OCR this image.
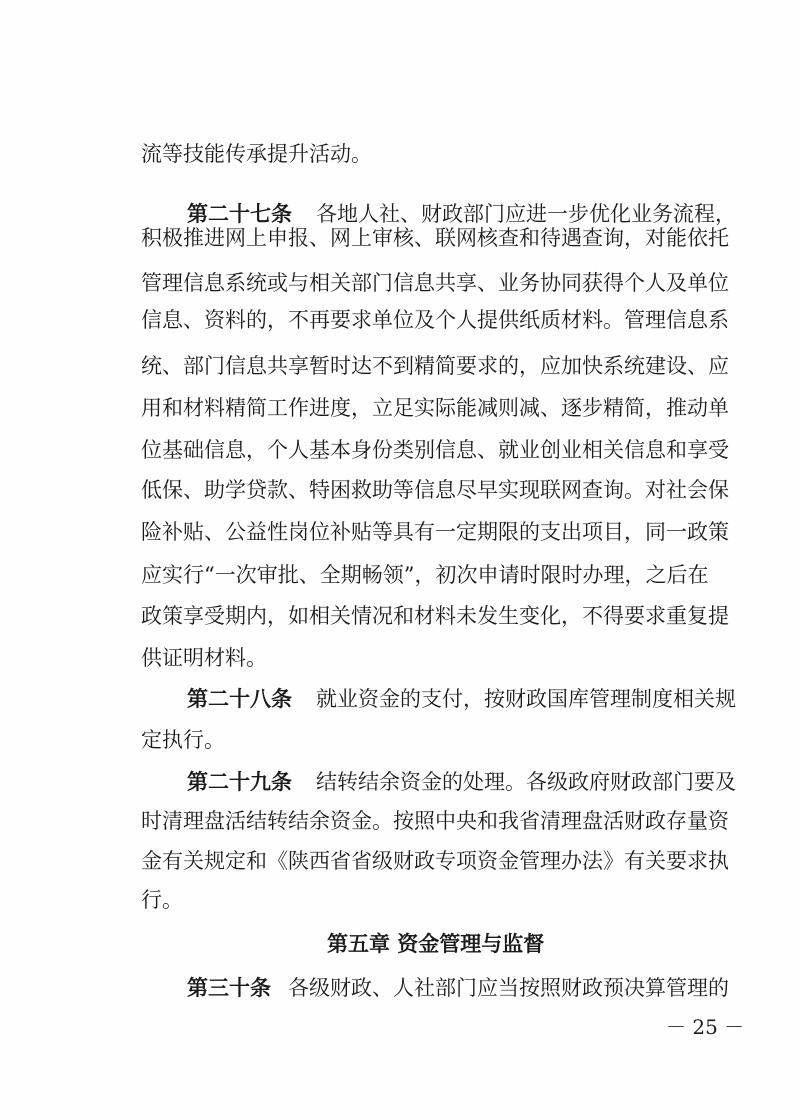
流等技能传承提升活动。
第二十七条 各地人社、财政部门应进一步优化业务流程，
积极推进网上申报、网上审核、联网核查和待遇查询，对能依托
管理信息系统或与相关部门信息共享、业务协同获得个人及单位
信息、资料的，不再要求单位及个人提供纸质材料。管理信息系
统、部门信息共享暂时达不到精简要求的，应加快系统建设、应
用和材料精简工作进度，立足实际能减则减、逐步精简，推动单
位基础信息，个人基本身份类别信息、就业创业相关信息和享受
低保、助学贷款、特困救助等信息尽早实现联网查询。对社会保
险补贴、公益性岗位补贴等具有一定期限的支出项目，同一政策
应实行“一次审批、全期畅领”，初次申请时限时办理，之后在
政策享受期内，如相关情况和材料未发生变化，不得要求重复提
供证明材料。
第二十八条 就业资金的支付，按财政国库管理制度相关规
定执行。
第二十九条 结转结余资金的处理。各级政府财政部门要及
时清理盘活结转结余资金。按照中央和我省清理盘活财政存量资
金有关规定和《陕西省省级财政专项资金管理办法》有关要求执
行。
第五章 资金管理与监督
第三十条 各级财政、人社部门应当按照财政预决算管理的
－ 25 －
